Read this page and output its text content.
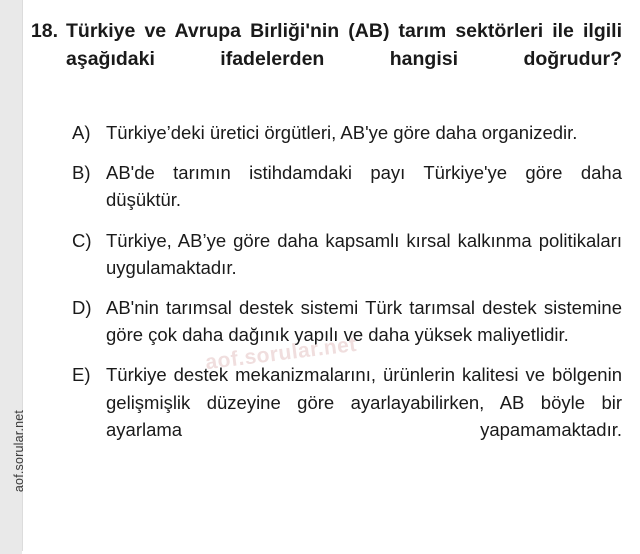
aof.sorular.net
18. Türkiye ve Avrupa Birliği'nin (AB) tarım sektörleri ile ilgili aşağıdaki ifadelerden hangisi doğrudur?
A) Türkiye’deki üretici örgütleri, AB'ye göre daha organizedir.
B) AB'de tarımın istihdamdaki payı Türkiye'ye göre daha düşüktür.
C) Türkiye, AB’ye göre daha kapsamlı kırsal kalkınma politikaları uygulamaktadır.
D) AB'nin tarımsal destek sistemi Türk tarımsal destek sistemine göre çok daha dağınık yapılı ve daha yüksek maliyetlidir.
E) Türkiye destek mekanizmalarını, ürünlerin kalitesi ve bölgenin gelişmişlik düzeyine göre ayarlayabilirken, AB böyle bir ayarlama yapamamaktadır.
aof.sorular.net
